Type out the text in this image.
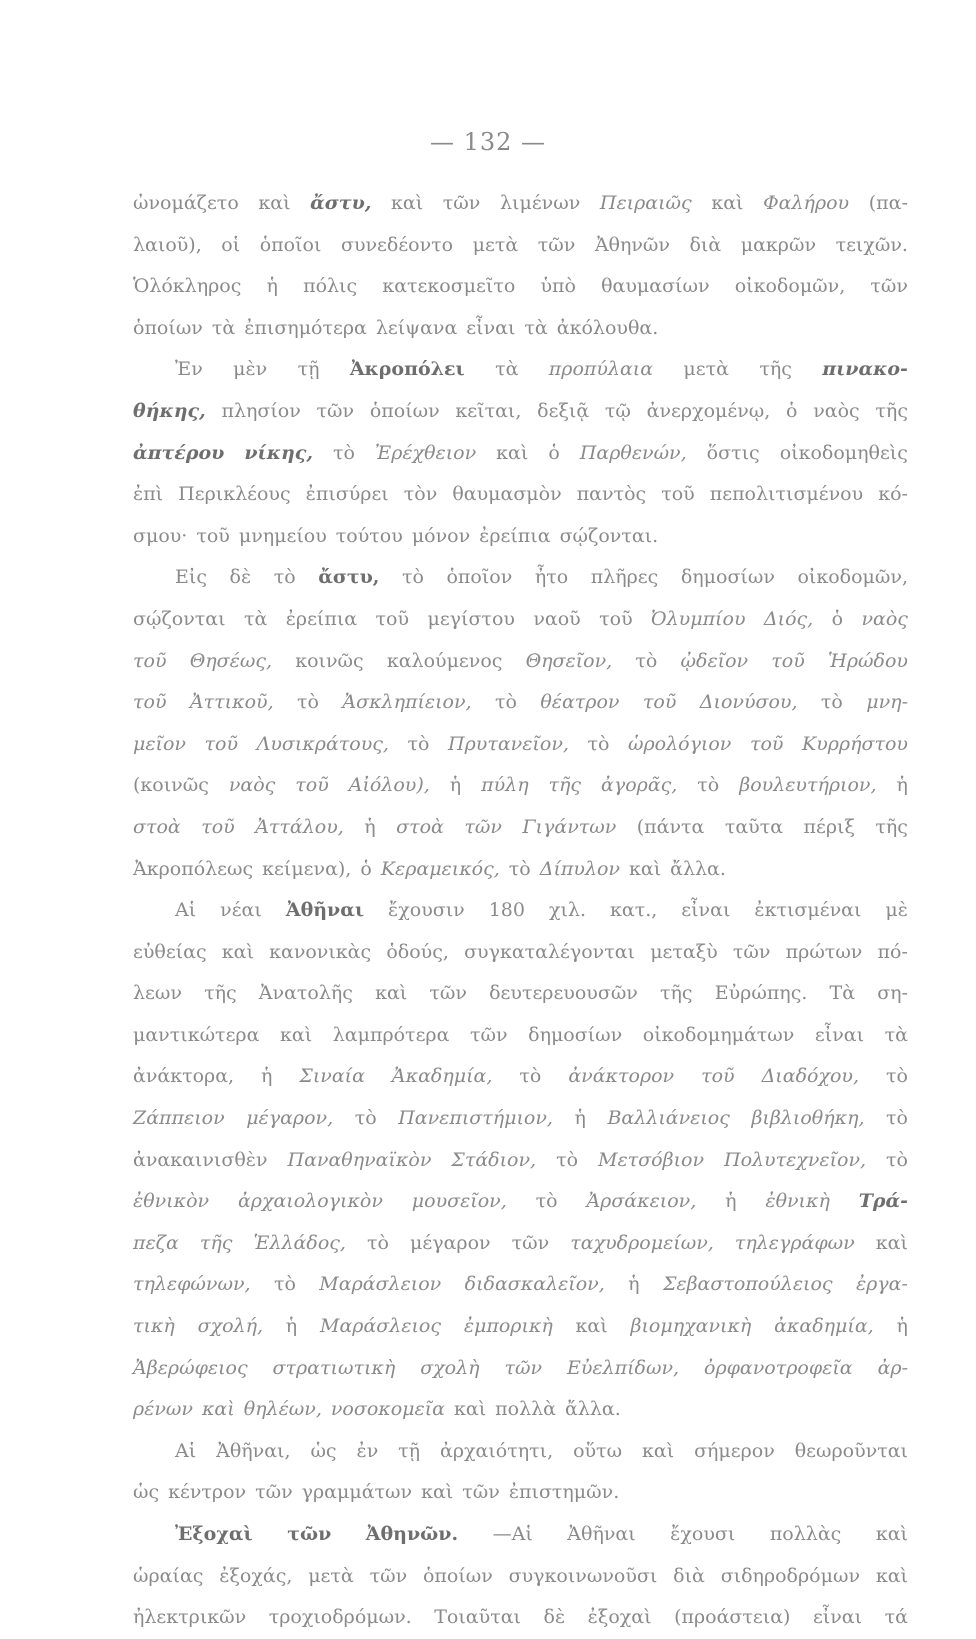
— 132 —
ὠνομάζετο καὶ ἄστυ, καὶ τῶν λιμένων Πειραιῶς καὶ Φαλήρου (πα-
λαιοῦ), οἱ ὁποῖοι συνεδέοντο μετὰ τῶν Ἀθηνῶν διὰ μακρῶν τειχῶν.
Ὁλόκληρος ἡ πόλις κατεκοσμεῖτο ὑπὸ θαυμασίων οἰκοδομῶν, τῶν
ὁποίων τὰ ἐπισημότερα λείψανα εἶναι τὰ ἀκόλουθα.
Ἐν μὲν τῇ Ἀκροπόλει τὰ προπύλαια μετὰ τῆς πινακο-
θήκης, πλησίον τῶν ὁποίων κεῖται, δεξιᾷ τῷ ἀνερχομένῳ, ὁ ναὸς τῆς
ἀπτέρου νίκης, τὸ Ἐρέχθειον καὶ ὁ Παρθενών, ὅστις οἰκοδομηθεὶς
ἐπὶ Περικλέους ἐπισύρει τὸν θαυμασμὸν παντὸς τοῦ πεπολιτισμένου κό-
σμου· τοῦ μνημείου τούτου μόνον ἐρείπια σῴζονται.
Εἰς δὲ τὸ ἄστυ, τὸ ὁποῖον ἦτο πλῆρες δημοσίων οἰκοδομῶν,
σῴζονται τὰ ἐρείπια τοῦ μεγίστου ναοῦ τοῦ Ὀλυμπίου Διός, ὁ ναὸς
τοῦ Θησέως, κοινῶς καλούμενος Θησεῖον, τὸ ᾠδεῖον τοῦ Ἡρώδου
τοῦ Ἀττικοῦ, τὸ Ἀσκληπίειον, τὸ θέατρον τοῦ Διονύσου, τὸ μνη-
μεῖον τοῦ Λυσικράτους, τὸ Πρυτανεῖον, τὸ ὡρολόγιον τοῦ Κυρρήστου
(κοινῶς ναὸς τοῦ Αἰόλου), ἡ πύλη τῆς ἀγορᾶς, τὸ βουλευτήριον, ἡ
στοὰ τοῦ Ἀττάλου, ἡ στοὰ τῶν Γιγάντων (πάντα ταῦτα πέριξ τῆς
Ἀκροπόλεως κείμενα), ὁ Κεραμεικός, τὸ Δίπυλον καὶ ἄλλα.
Αἱ νέαι Ἀθῆναι ἔχουσιν 180 χιλ. κατ., εἶναι ἐκτισμέναι μὲ
εὐθείας καὶ κανονικὰς ὁδούς, συγκαταλέγονται μεταξὺ τῶν πρώτων πό-
λεων τῆς Ἀνατολῆς καὶ τῶν δευτερευουσῶν τῆς Εὐρώπης. Τὰ ση-
μαντικώτερα καὶ λαμπρότερα τῶν δημοσίων οἰκοδομημάτων εἶναι τὰ
ἀνάκτορα, ἡ Σιναία Ἀκαδημία, τὸ ἀνάκτορον τοῦ Διαδόχου, τὸ
Ζάππειον μέγαρον, τὸ Πανεπιστήμιον, ἡ Βαλλιάνειος βιβλιοθήκη, τὸ
ἀνακαινισθὲν Παναθηναϊκὸν Στάδιον, τὸ Μετσόβιον Πολυτεχνεῖον, τὸ
ἐθνικὸν ἀρχαιολογικὸν μουσεῖον, τὸ Ἀρσάκειον, ἡ ἐθνικὴ Τρά-
πεζα τῆς Ἑλλάδος, τὸ μέγαρον τῶν ταχυδρομείων, τηλεγράφων καὶ
τηλεφώνων, τὸ Μαράσλειον διδασκαλεῖον, ἡ Σεβαστοπούλειος ἐργα-
τικὴ σχολή, ἡ Μαράσλειος ἐμπορικὴ καὶ βιομηχανικὴ ἀκαδημία, ἡ
Ἀβερώφειος στρατιωτικὴ σχολὴ τῶν Εὐελπίδων, ὀρφανοτροφεῖα ἀρ-
ρένων καὶ θηλέων, νοσοκομεῖα καὶ πολλὰ ἄλλα.
Αἱ Ἀθῆναι, ὡς ἐν τῇ ἀρχαιότητι, οὕτω καὶ σήμερον θεωροῦνται
ὡς κέντρον τῶν γραμμάτων καὶ τῶν ἐπιστημῶν.
Ἐξοχαὶ τῶν Ἀθηνῶν. —Αἱ Ἀθῆναι ἔχουσι πολλὰς καὶ
ὡραίας ἐξοχάς, μετὰ τῶν ὁποίων συγκοινωνοῦσι διὰ σιδηροδρόμων καὶ
ἠλεκτρικῶν τροχιοδρόμων. Τοιαῦται δὲ ἐξοχαὶ (προάστεια) εἶναι τά
